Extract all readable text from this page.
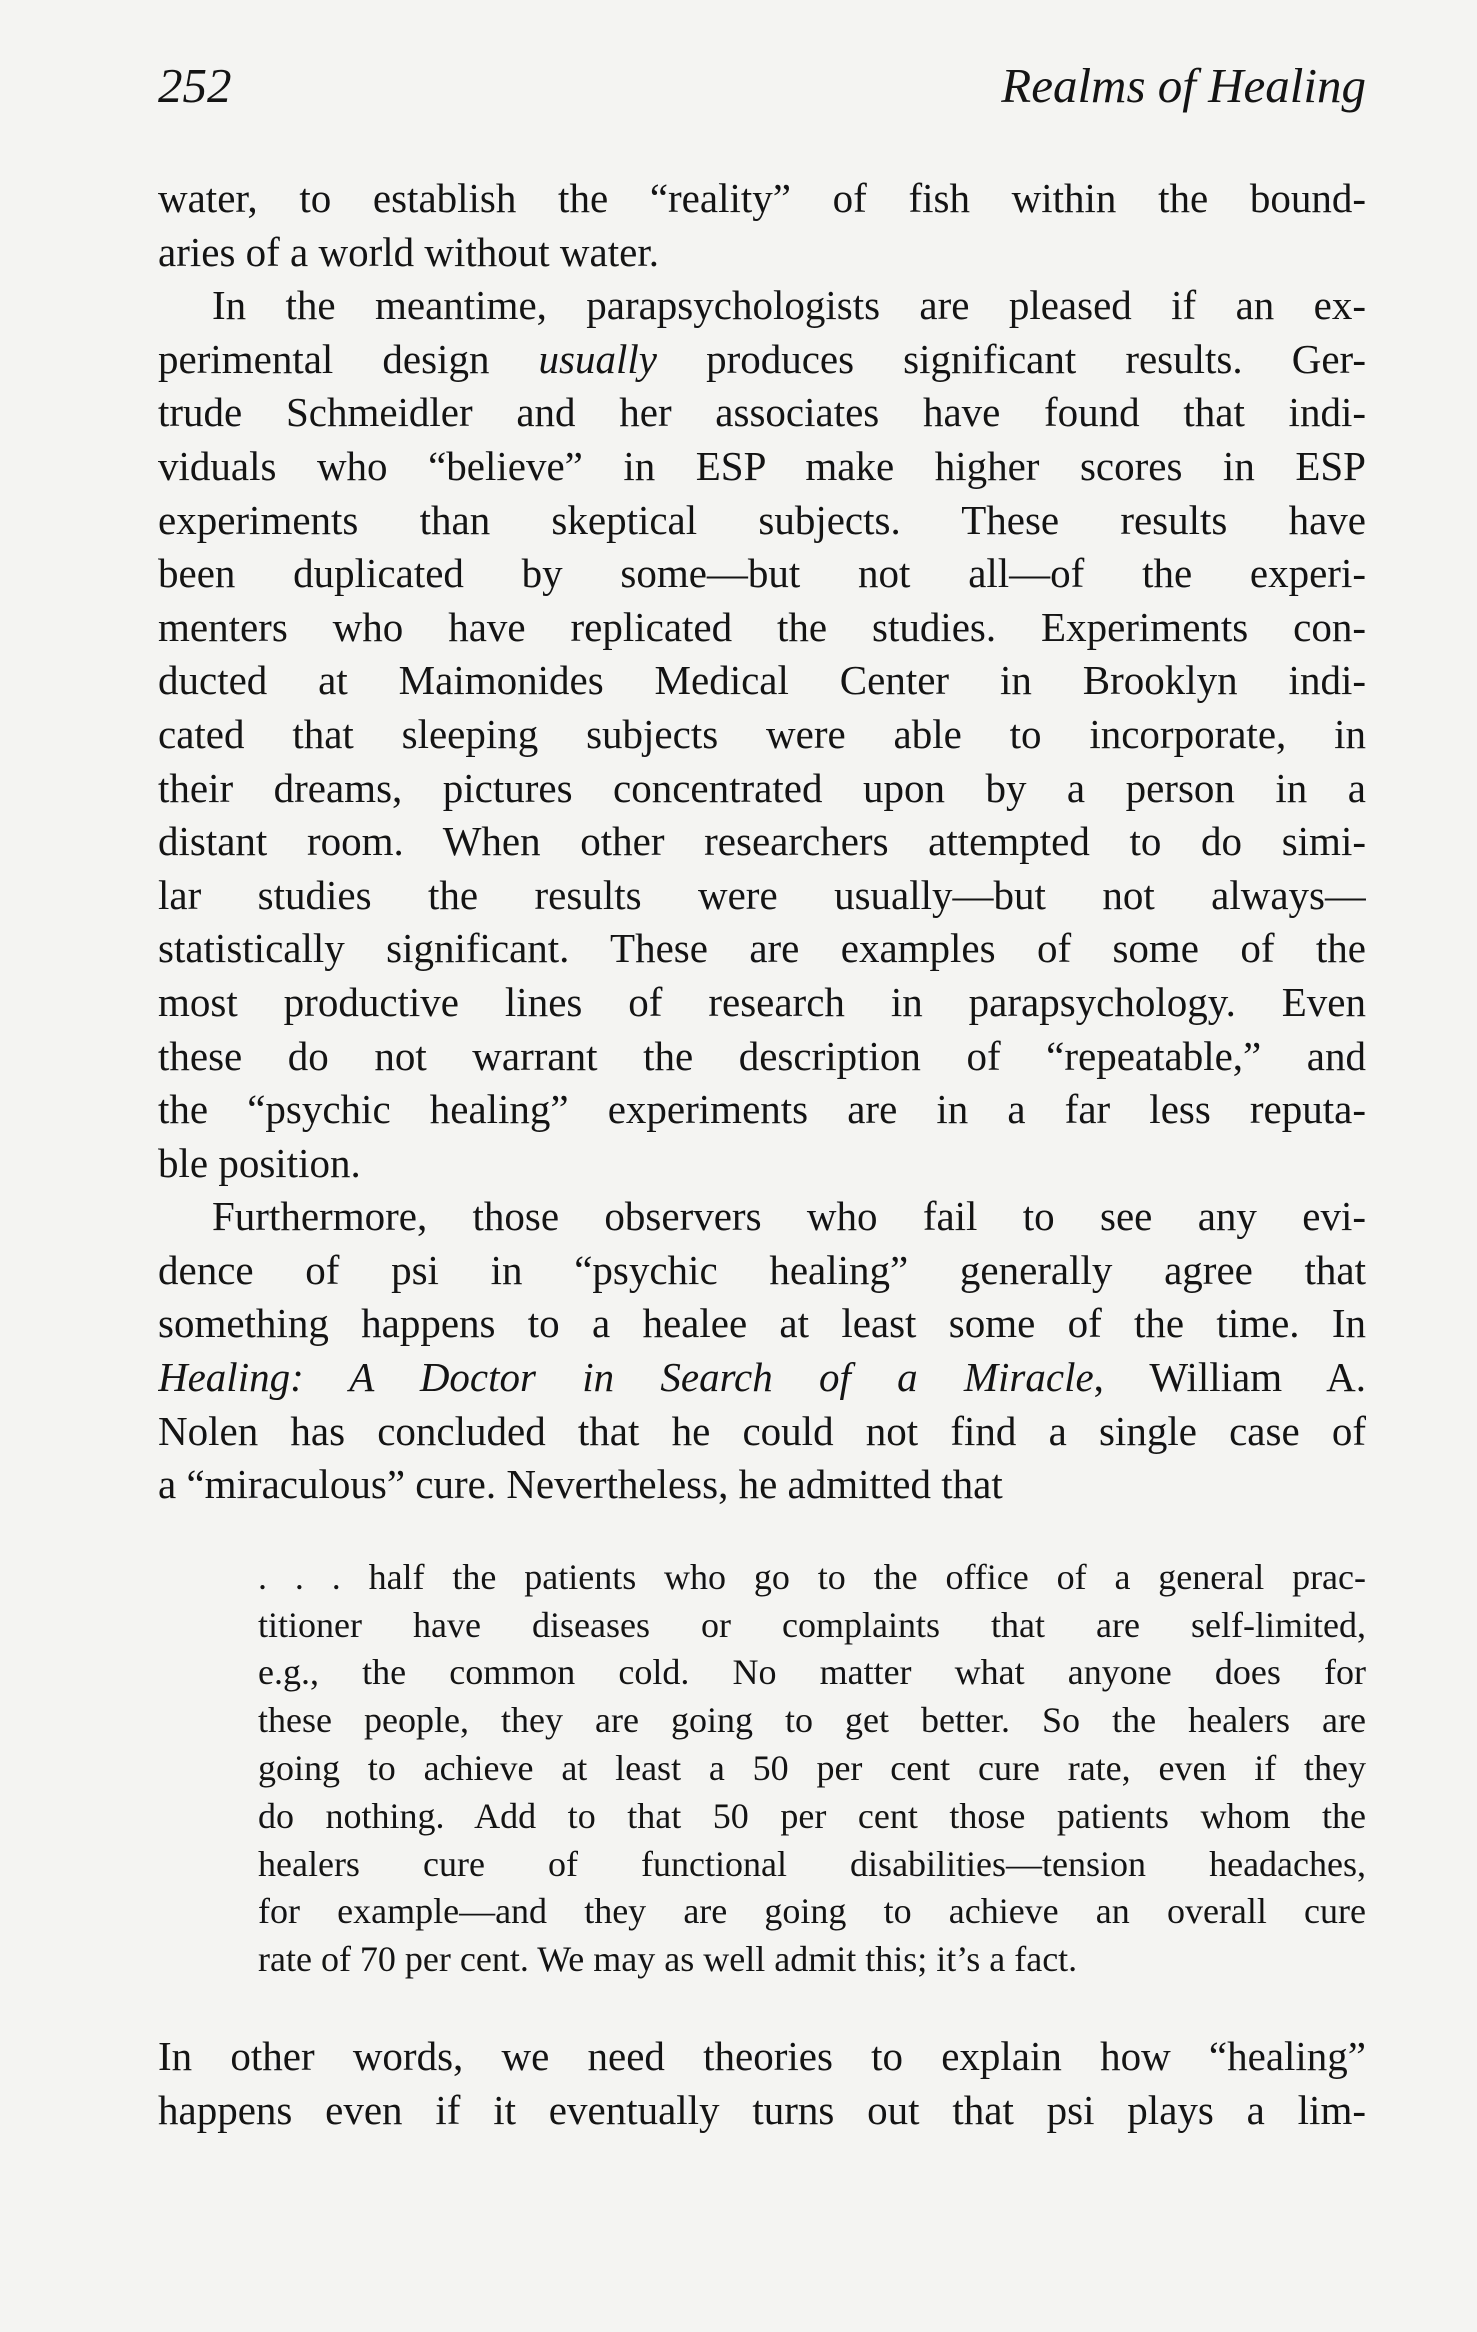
252	Realms of Healing
water, to establish the “reality” of fish within the bound-
aries of a world without water.
In the meantime, parapsychologists are pleased if an ex-
perimental design usually produces significant results. Ger-
trude Schmeidler and her associates have found that indi-
viduals who “believe” in ESP make higher scores in ESP
experiments than skeptical subjects. These results have
been duplicated by some—but not all—of the experi-
menters who have replicated the studies. Experiments con-
ducted at Maimonides Medical Center in Brooklyn indi-
cated that sleeping subjects were able to incorporate, in
their dreams, pictures concentrated upon by a person in a
distant room. When other researchers attempted to do simi-
lar studies the results were usually—but not always—
statistically significant. These are examples of some of the
most productive lines of research in parapsychology. Even
these do not warrant the description of “repeatable,” and
the “psychic healing” experiments are in a far less reputa-
ble position.
Furthermore, those observers who fail to see any evi-
dence of psi in “psychic healing” generally agree that
something happens to a healee at least some of the time. In
Healing: A Doctor in Search of a Miracle, William A.
Nolen has concluded that he could not find a single case of
a “miraculous” cure. Nevertheless, he admitted that
. . . half the patients who go to the office of a general prac-
titioner have diseases or complaints that are self-limited,
e.g., the common cold. No matter what anyone does for
these people, they are going to get better. So the healers are
going to achieve at least a 50 per cent cure rate, even if they
do nothing. Add to that 50 per cent those patients whom the
healers cure of functional disabilities—tension headaches,
for example—and they are going to achieve an overall cure
rate of 70 per cent. We may as well admit this; it’s a fact.
In other words, we need theories to explain how “healing”
happens even if it eventually turns out that psi plays a lim-
